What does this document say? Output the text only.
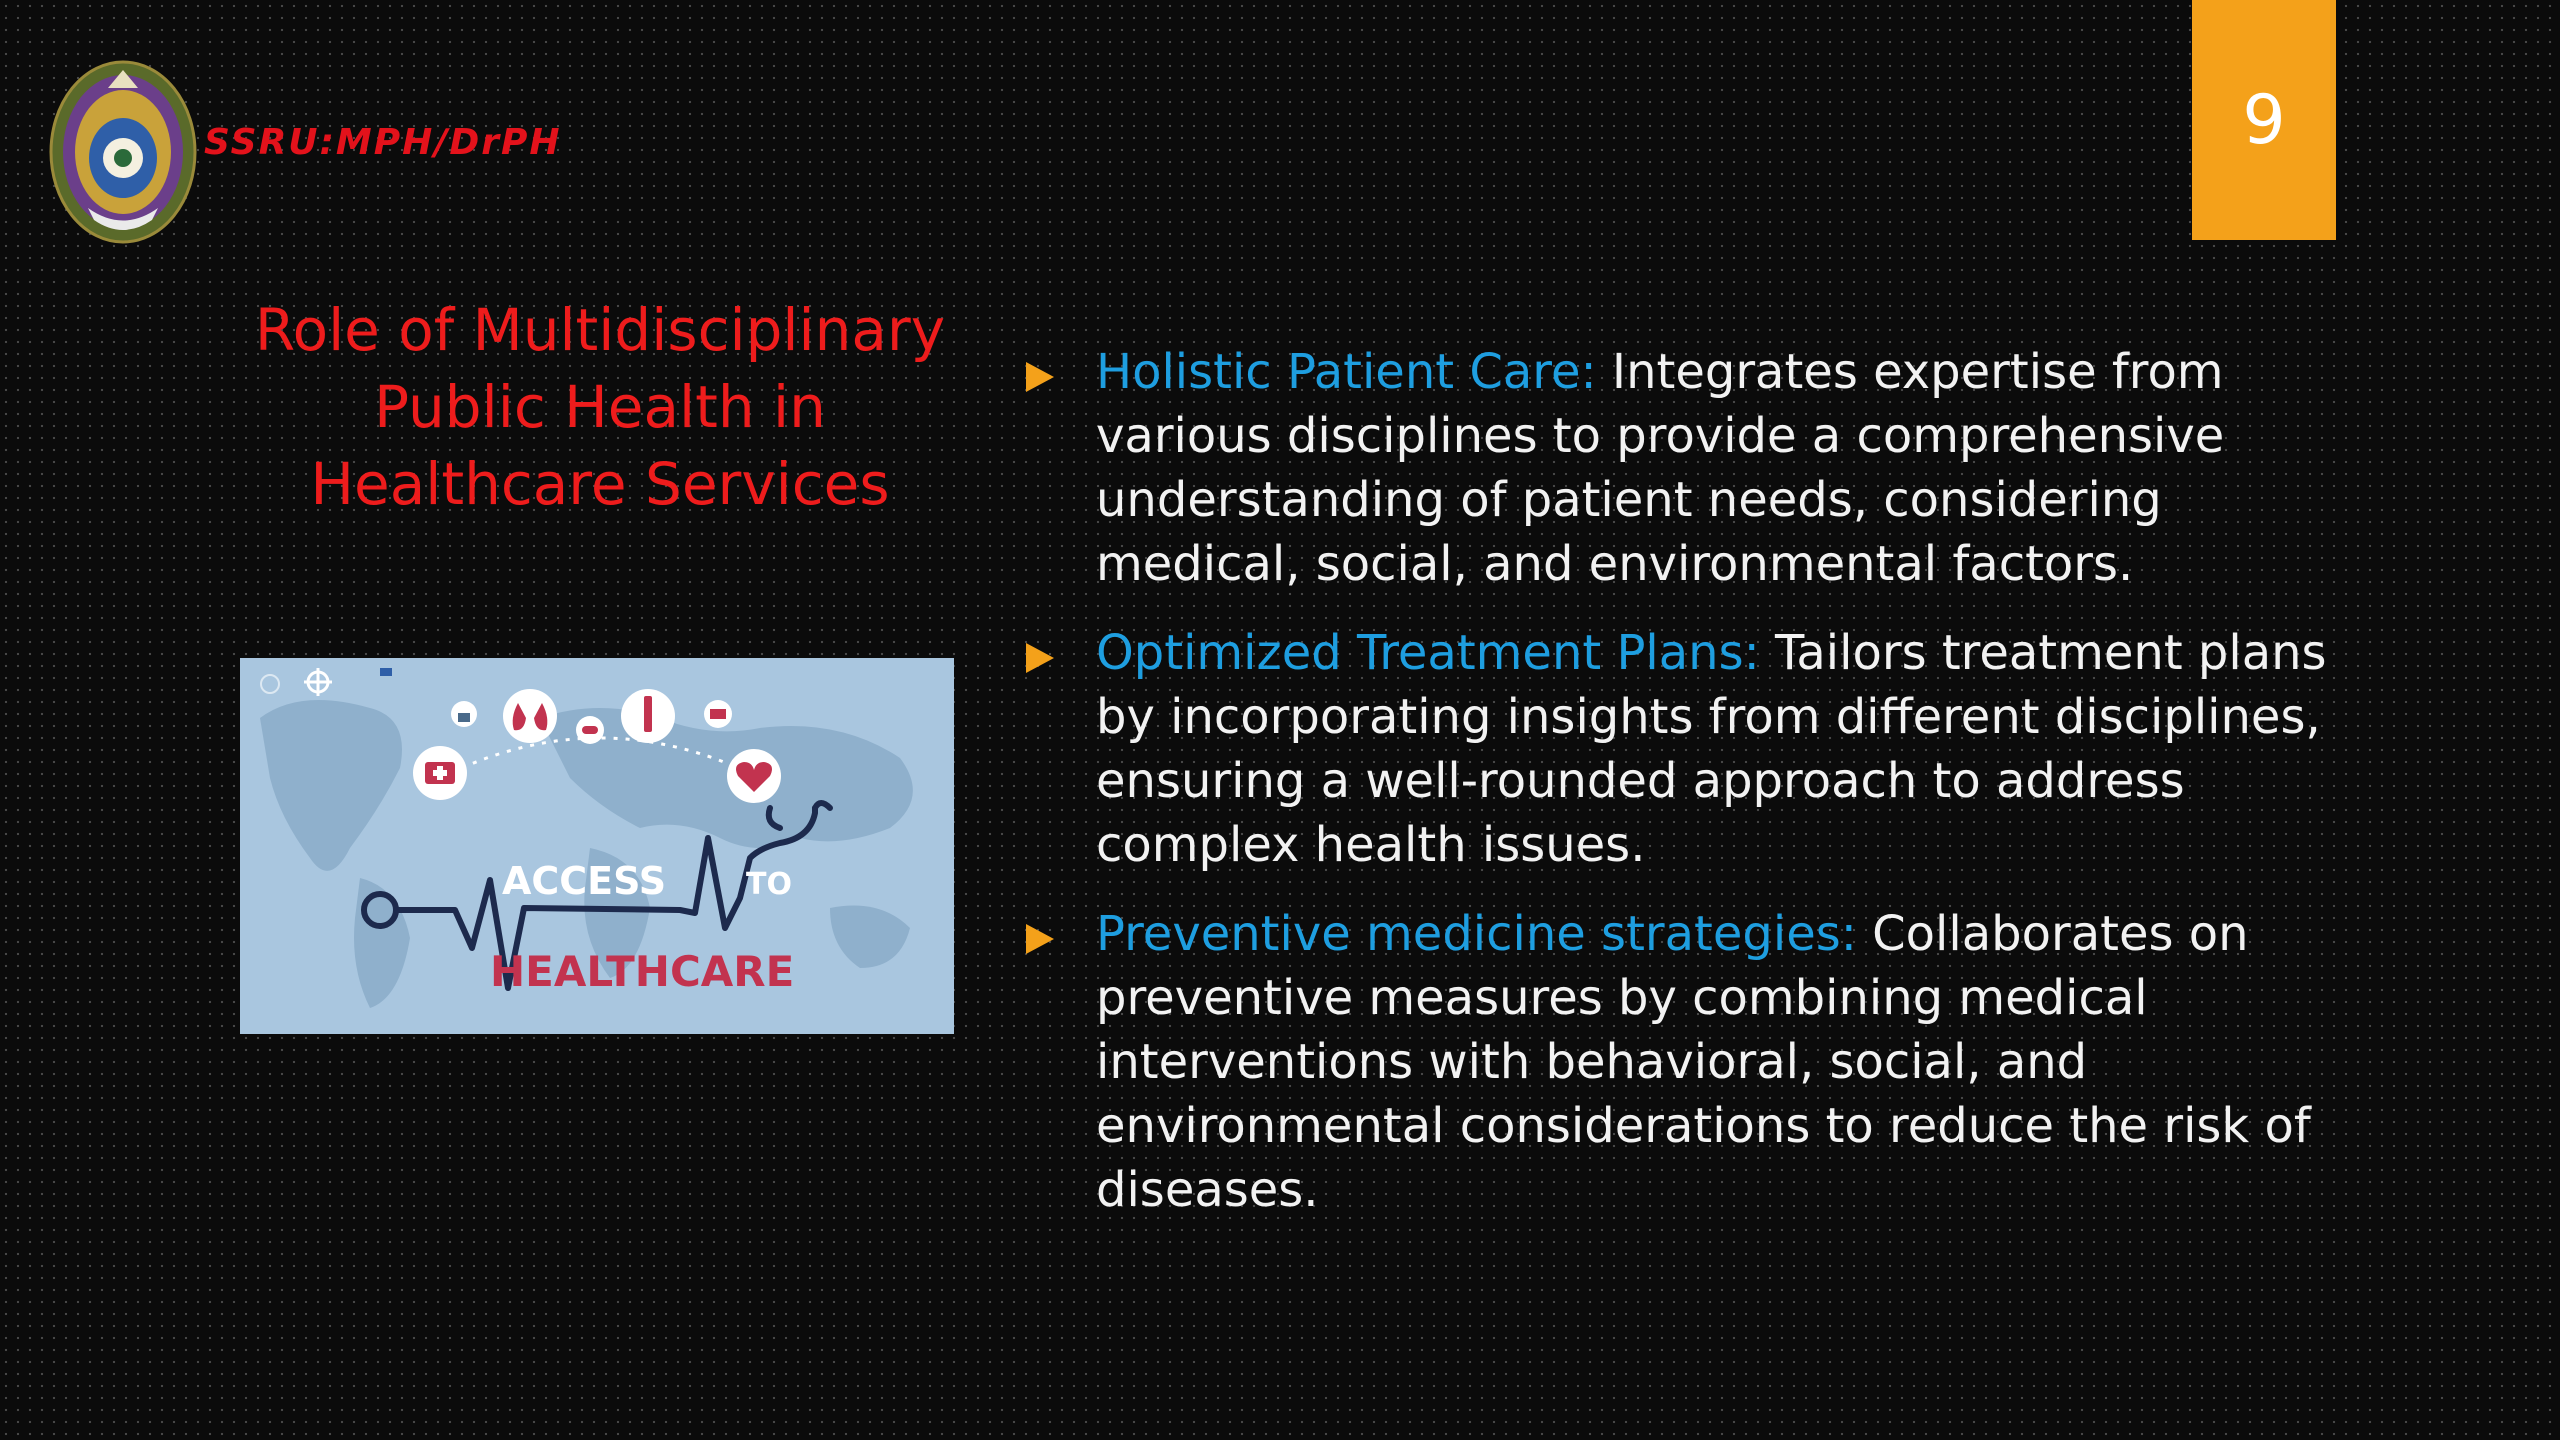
SSRU:MPH/DrPH	9
Role of Multidisciplinary Public Health in Healthcare Services
ACCESS	TO
HEALTHCARE
Holistic Patient Care: Integrates expertise from various disciplines to provide a comprehensive understanding of patient needs, considering medical, social, and environmental factors.
Optimized Treatment Plans: Tailors treatment plans by incorporating insights from different disciplines, ensuring a well-rounded approach to address complex health issues.
Preventive medicine strategies: Collaborates on preventive measures by combining medical interventions with behavioral, social, and environmental considerations to reduce the risk of diseases.
